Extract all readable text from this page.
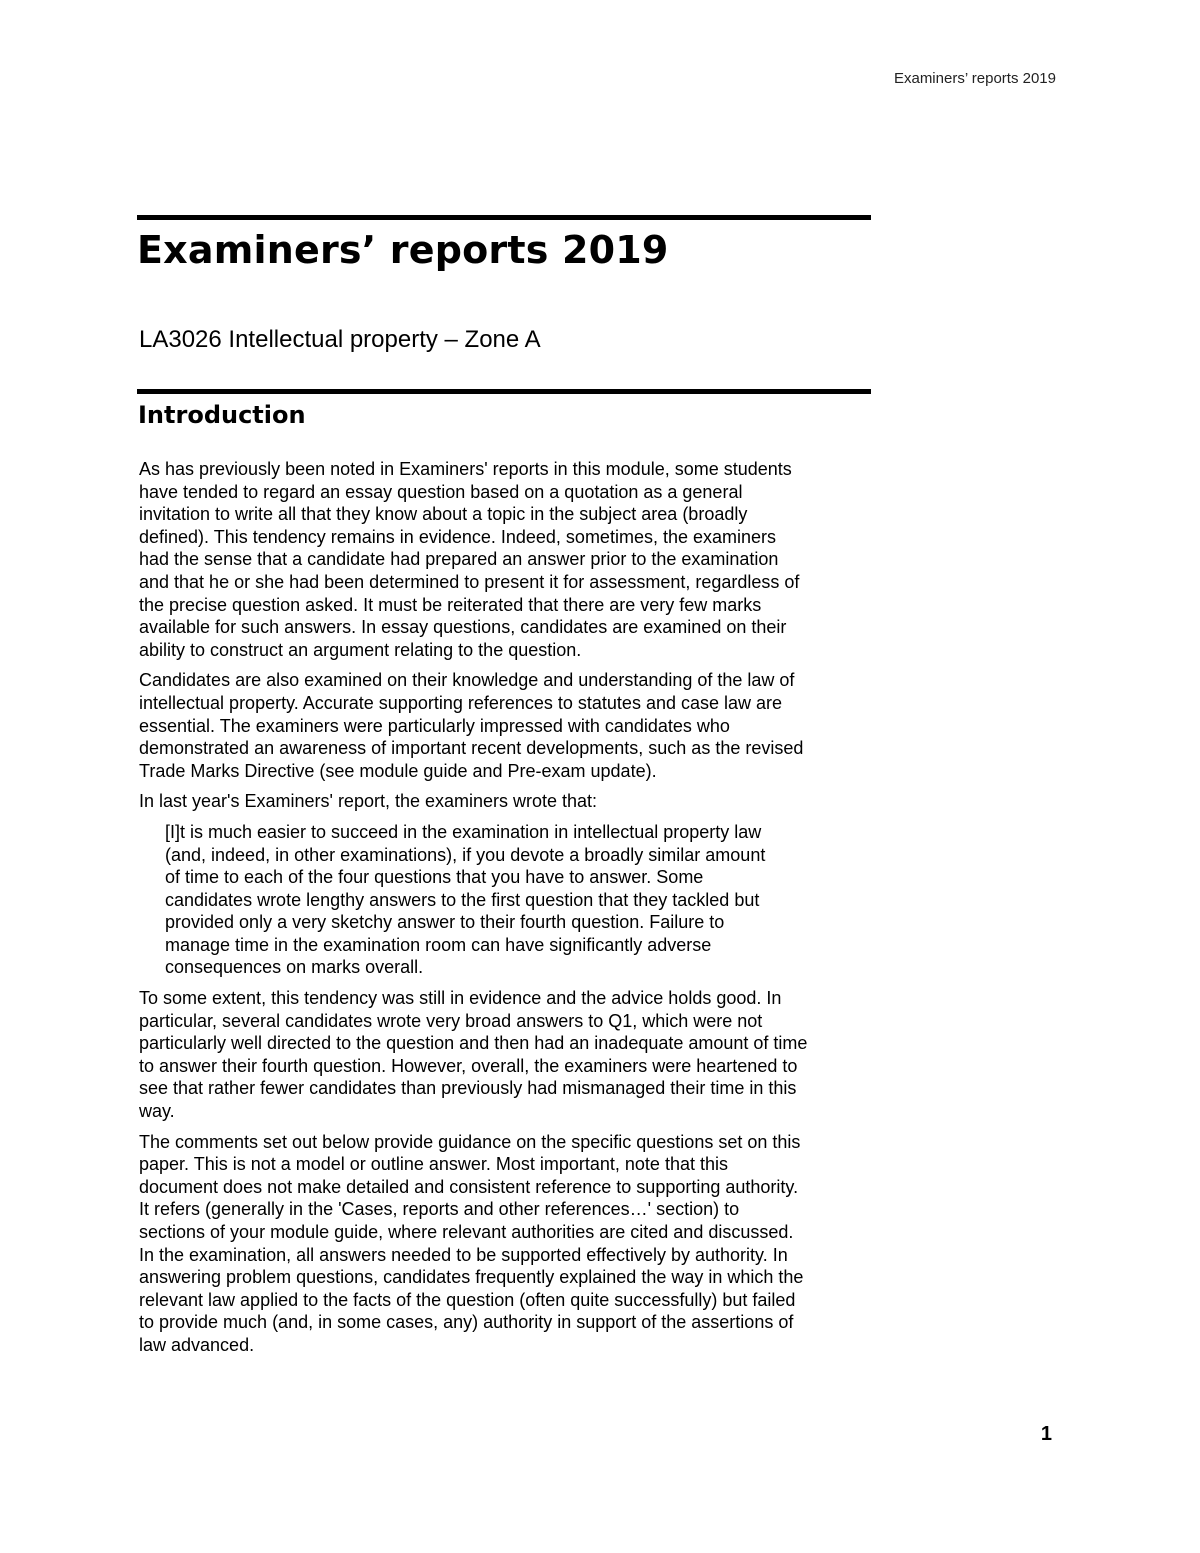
Examiners’ reports 2019
Examiners’ reports 2019
LA3026 Intellectual property – Zone A
Introduction

As has previously been noted in Examiners' reports in this module, some students
have tended to regard an essay question based on a quotation as a general
invitation to write all that they know about a topic in the subject area (broadly
defined). This tendency remains in evidence. Indeed, sometimes, the examiners
had the sense that a candidate had prepared an answer prior to the examination
and that he or she had been determined to present it for assessment, regardless of
the precise question asked. It must be reiterated that there are very few marks
available for such answers. In essay questions, candidates are examined on their
ability to construct an argument relating to the question.

Candidates are also examined on their knowledge and understanding of the law of
intellectual property. Accurate supporting references to statutes and case law are
essential. The examiners were particularly impressed with candidates who
demonstrated an awareness of important recent developments, such as the revised
Trade Marks Directive (see module guide and Pre-exam update).

In last year's Examiners' report, the examiners wrote that:

[I]t is much easier to succeed in the examination in intellectual property law
(and, indeed, in other examinations), if you devote a broadly similar amount
of time to each of the four questions that you have to answer. Some
candidates wrote lengthy answers to the first question that they tackled but
provided only a very sketchy answer to their fourth question. Failure to
manage time in the examination room can have significantly adverse
consequences on marks overall.

To some extent, this tendency was still in evidence and the advice holds good. In
particular, several candidates wrote very broad answers to Q1, which were not
particularly well directed to the question and then had an inadequate amount of time
to answer their fourth question. However, overall, the examiners were heartened to
see that rather fewer candidates than previously had mismanaged their time in this
way.

The comments set out below provide guidance on the specific questions set on this
paper. This is not a model or outline answer. Most important, note that this
document does not make detailed and consistent reference to supporting authority.
It refers (generally in the 'Cases, reports and other references…' section) to
sections of your module guide, where relevant authorities are cited and discussed.
In the examination, all answers needed to be supported effectively by authority. In
answering problem questions, candidates frequently explained the way in which the
relevant law applied to the facts of the question (often quite successfully) but failed
to provide much (and, in some cases, any) authority in support of the assertions of
law advanced.

1
